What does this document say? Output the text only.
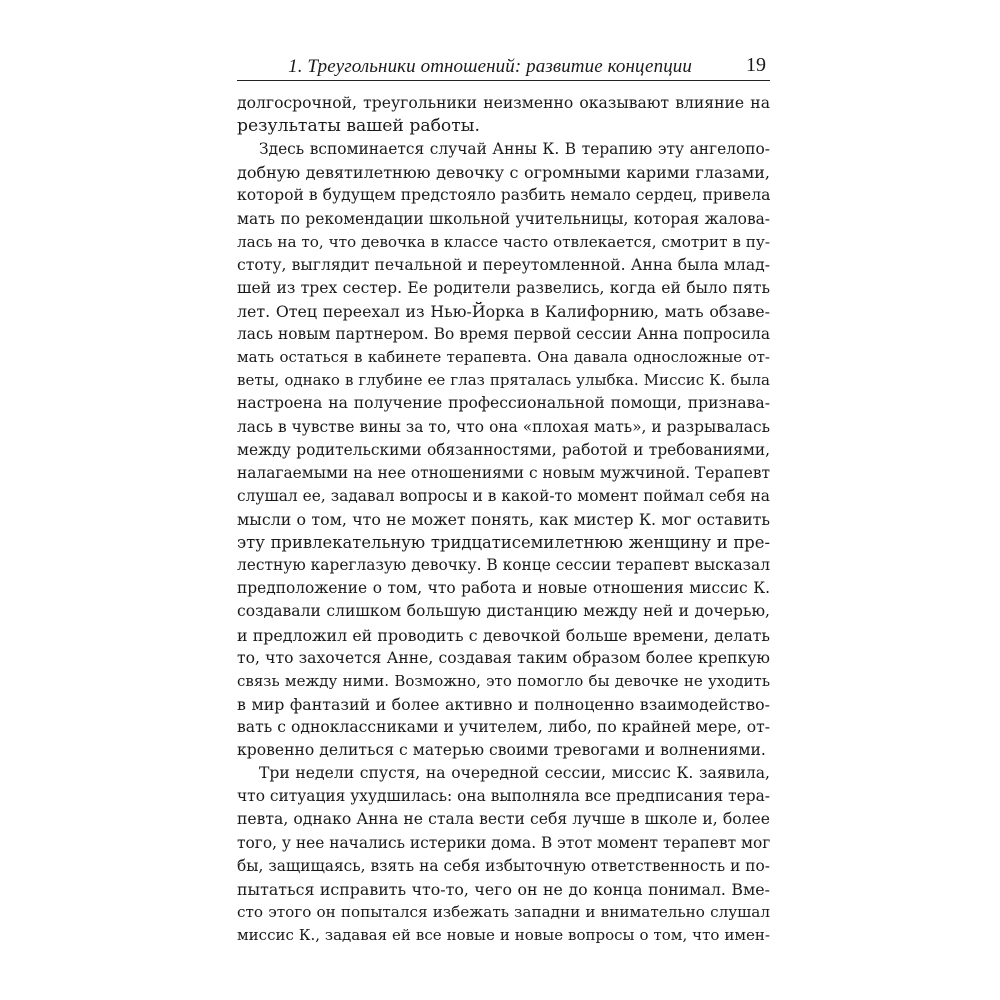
1. Треугольники отношений: развитие концепции	19
долгосрочной, треугольники неизменно оказывают влияние на
результаты вашей работы.
Здесь вспоминается случай Анны К. В терапию эту ангелопо-
добную девятилетнюю девочку с огромными карими глазами,
которой в будущем предстояло разбить немало сердец, привела
мать по рекомендации школьной учительницы, которая жалова-
лась на то, что девочка в классе часто отвлекается, смотрит в пу-
стоту, выглядит печальной и переутомленной. Анна была млад-
шей из трех сестер. Ее родители развелись, когда ей было пять
лет. Отец переехал из Нью-Йорка в Калифорнию, мать обзаве-
лась новым партнером. Во время первой сессии Анна попросила
мать остаться в кабинете терапевта. Она давала односложные от-
веты, однако в глубине ее глаз пряталась улыбка. Миссис К. была
настроена на получение профессиональной помощи, признава-
лась в чувстве вины за то, что она «плохая мать», и разрывалась
между родительскими обязанностями, работой и требованиями,
налагаемыми на нее отношениями с новым мужчиной. Терапевт
слушал ее, задавал вопросы и в какой-то момент поймал себя на
мысли о том, что не может понять, как мистер К. мог оставить
эту привлекательную тридцатисемилетнюю женщину и пре-
лестную кареглазую девочку. В конце сессии терапевт высказал
предположение о том, что работа и новые отношения миссис К.
создавали слишком большую дистанцию между ней и дочерью,
и предложил ей проводить с девочкой больше времени, делать
то, что захочется Анне, создавая таким образом более крепкую
связь между ними. Возможно, это помогло бы девочке не уходить
в мир фантазий и более активно и полноценно взаимодейство-
вать с одноклассниками и учителем, либо, по крайней мере, от-
кровенно делиться с матерью своими тревогами и волнениями.
Три недели спустя, на очередной сессии, миссис К. заявила,
что ситуация ухудшилась: она выполняла все предписания тера-
певта, однако Анна не стала вести себя лучше в школе и, более
того, у нее начались истерики дома. В этот момент терапевт мог
бы, защищаясь, взять на себя избыточную ответственность и по-
пытаться исправить что-то, чего он не до конца понимал. Вме-
сто этого он попытался избежать западни и внимательно слушал
миссис К., задавая ей все новые и новые вопросы о том, что имен-
